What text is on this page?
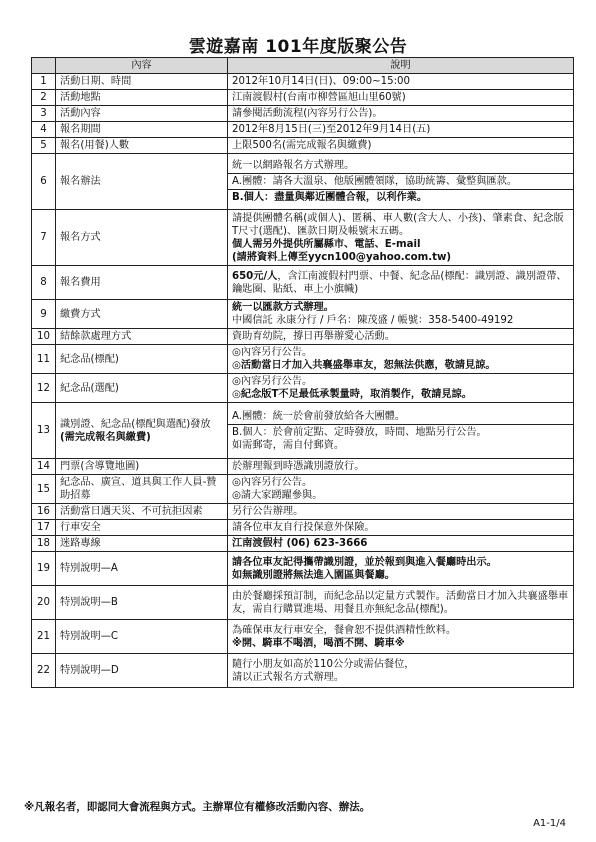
雲遊嘉南 101年度版聚公告
	內容	說明
1	活動日期、時間	2012年10月14日(日)、09:00~15:00

2	活動地點	江南渡假村(台南市柳營區旭山里60號)

3	活動內容	請參閱活動流程(內容另行公告)。

4	報名期間	2012年8月15日(三)至2012年9月14日(五)

5	報名(用餐)人數	上限500名(需完成報名與繳費)

6	報名辦法	統一以網路報名方式辦理。
A.團體：請各大溫泉、他版團體領隊，協助統籌、彙整與匯款。
B.個人：盡量與鄰近團體合報，以利作業。

7	報名方式	請提供團體名稱(或個人)、匿稱、車人數(含大人、小孩)、肇素食、紀念版T尺寸(選配)、匯款日期及帳號末五碼。
個人需另外提供所屬縣市、電話、E-mail
(請將資料上傳至yycn100@yahoo.com.tw)

8	報名費用	650元/人，含江南渡假村門票、中餐、紀念品(標配：識別證、識別證帶、鑰匙圈、貼紙、車上小旗幟)

9	繳費方式	統一以匯款方式辦理。
中國信託 永康分行 / 戶名：陳茂盛 / 帳號：358-5400-49192

10	結餘款處理方式	資助育幼院，撐日再舉辦愛心活動。

11	紀念品(標配)	◎內容另行公告。
◎活動當日才加入共襄盛舉車友，恕無法供應，敬請見諒。

12	紀念品(選配)	◎內容另行公告。
◎紀念版T不足最低承製量時，取消製作，敬請見諒。

13	識別證、紀念品(標配與選配)發放
(需完成報名與繳費)	A.團體：統一於會前發放給各大團體。
B.個人：於會前定點、定時發放，時間、地點另行公告。
如需郵寄，需自付郵資。

14	門票(含導覽地圖)	於辦理報到時憑識別證放行。

15	紀念品、廣宣、道具與工作人員-贊助招募	◎內容另行公告。
◎請大家踴躍參與。

16	活動當日遇天災、不可抗拒因素	另行公告辦理。

17	行車安全	請各位車友自行投保意外保險。

18	迷路專線	江南渡假村 (06) 623-3666

19	特別說明—A	請各位車友記得攜帶識別證，並於報到與進入餐廳時出示。
如無識別證將無法進入園區與餐廳。

20	特別說明—B	由於餐廳採預訂制，而紀念品以定量方式製作。活動當日才加入共襄盛舉車友，需自行購買進場、用餐且亦無紀念品(標配)。

21	特別說明—C	為確保車友行車安全，餐會恕不提供酒精性飲料。
※開、騎車不喝酒，喝酒不開、騎車※

22	特別說明—D	隨行小朋友如高於110公分或需佔餐位，
請以正式報名方式辦理。
※凡報名者，即認同大會流程與方式。主辦單位有權修改活動內容、辦法。
A1-1/4
